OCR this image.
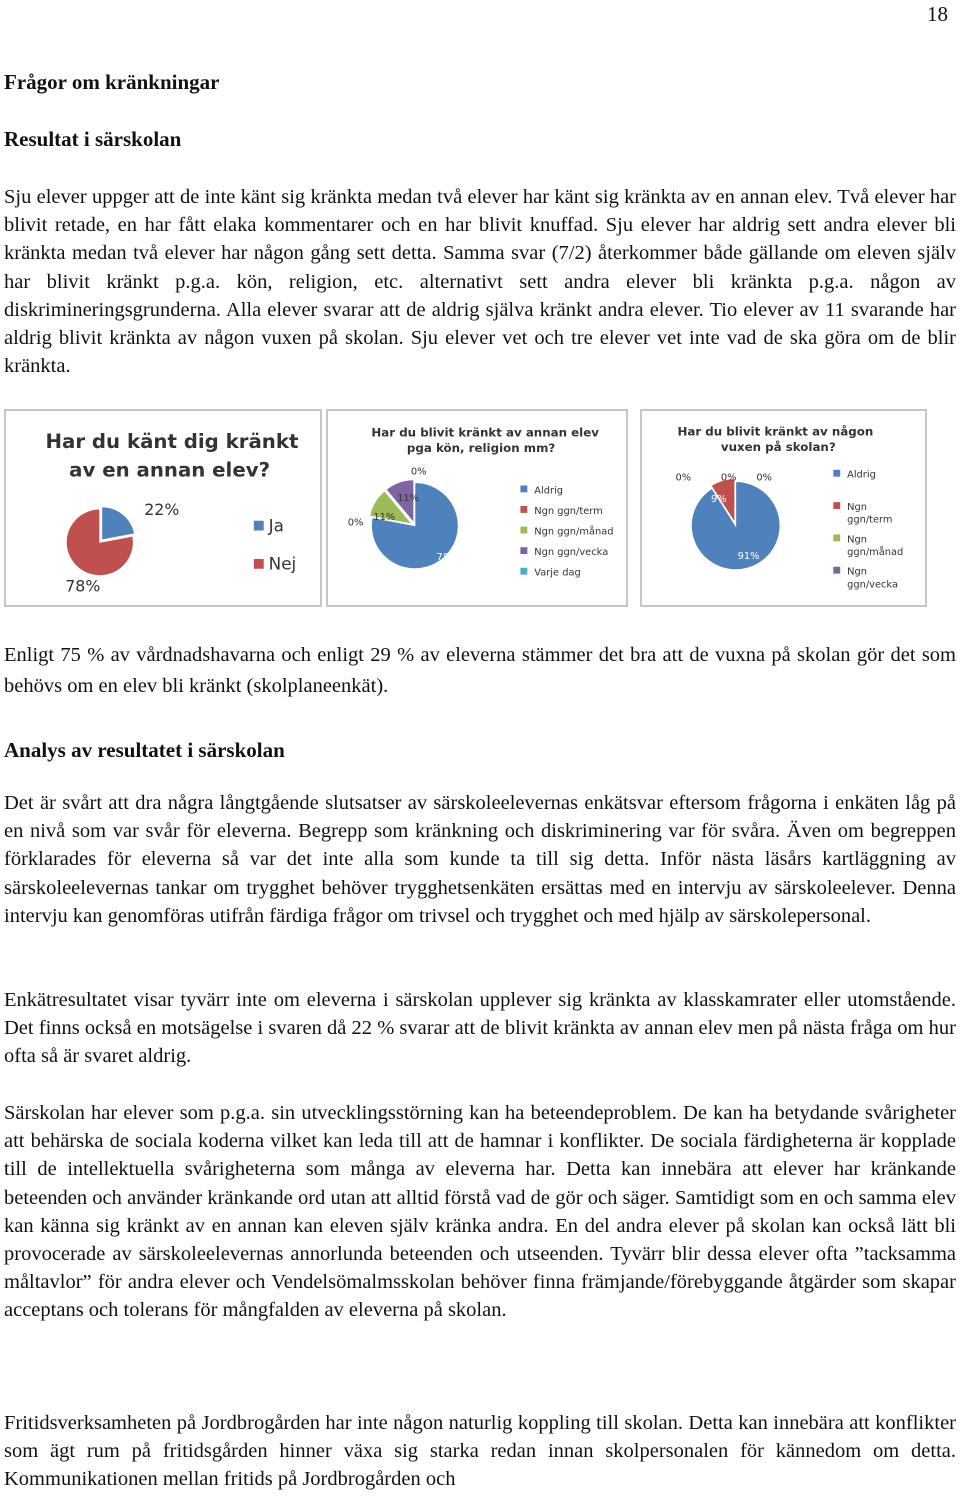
18
Frågor om kränkningar
Resultat i särskolan

Sju elever uppger att de inte känt sig kränkta medan två elever har känt sig kränkta av en annan elev. Två elever har blivit retade, en har fått elaka kommentarer och en har blivit knuffad. Sju elever har aldrig sett andra elever bli kränkta medan två elever har någon gång sett detta. Samma svar (7/2) återkommer både gällande om eleven själv har blivit kränkt p.g.a. kön, religion, etc. alternativt sett andra elever bli kränkta p.g.a. någon av diskrimineringsgrunderna. Alla elever svarar att de aldrig själva kränkt andra elever. Tio elever av 11 svarande har aldrig blivit kränkta av någon vuxen på skolan. Sju elever vet och tre elever vet inte vad de ska göra om de blir kränkta.

Har du känt dig kränkt
av en annan elev?
22%
78%
Ja
Nej
Har du blivit kränkt av annan elev
pga kön, religion mm?
0%
11%
11%
0%
78%
Aldrig
Ngn ggn/term
Ngn ggn/månad
Ngn ggn/vecka
Varje dag
Har du blivit kränkt av någon
vuxen på skolan?
0%	0% 0%
9%
91%
Aldrig
Ngn
ggn/term
Ngn
ggn/månad
Ngn
ggn/vecka

Enligt 75 % av vårdnadshavarna och enligt 29 % av eleverna stämmer det bra att de vuxna på skolan gör det som behövs om en elev bli kränkt (skolplaneenkät).

Analys av resultatet i särskolan

Det är svårt att dra några långtgående slutsatser av särskoleelevernas enkätsvar eftersom frågorna i enkäten låg på en nivå som var svår för eleverna. Begrepp som kränkning och diskriminering var för svåra. Även om begreppen förklarades för eleverna så var det inte alla som kunde ta till sig detta. Inför nästa läsårs kartläggning av särskoleelevernas tankar om trygghet behöver trygghetsenkäten ersättas med en intervju av särskoleelever. Denna intervju kan genomföras utifrån färdiga frågor om trivsel och trygghet och med hjälp av särskolepersonal.

Enkätresultatet visar tyvärr inte om eleverna i särskolan upplever sig kränkta av klasskamrater eller utomstående. Det finns också en motsägelse i svaren då 22 % svarar att de blivit kränkta av annan elev men på nästa fråga om hur ofta så är svaret aldrig.

Särskolan har elever som p.g.a. sin utvecklingsstörning kan ha beteendeproblem. De kan ha betydande svårigheter att behärska de sociala koderna vilket kan leda till att de hamnar i konflikter. De sociala färdigheterna är kopplade till de intellektuella svårigheterna som många av eleverna har. Detta kan innebära att elever har kränkande beteenden och använder kränkande ord utan att alltid förstå vad de gör och säger. Samtidigt som en och samma elev kan känna sig kränkt av en annan kan eleven själv kränka andra. En del andra elever på skolan kan också lätt bli provocerade av särskoleelevernas annorlunda beteenden och utseenden. Tyvärr blir dessa elever ofta ”tacksamma måltavlor” för andra elever och Vendelsömalmsskolan behöver finna främjande/förebyggande åtgärder som skapar acceptans och tolerans för mångfalden av eleverna på skolan.

Fritidsverksamheten på Jordbrogården har inte någon naturlig koppling till skolan. Detta kan innebära att konflikter som ägt rum på fritidsgården hinner växa sig starka redan innan skolpersonalen för kännedom om detta. Kommunikationen mellan fritids på Jordbrogården och
